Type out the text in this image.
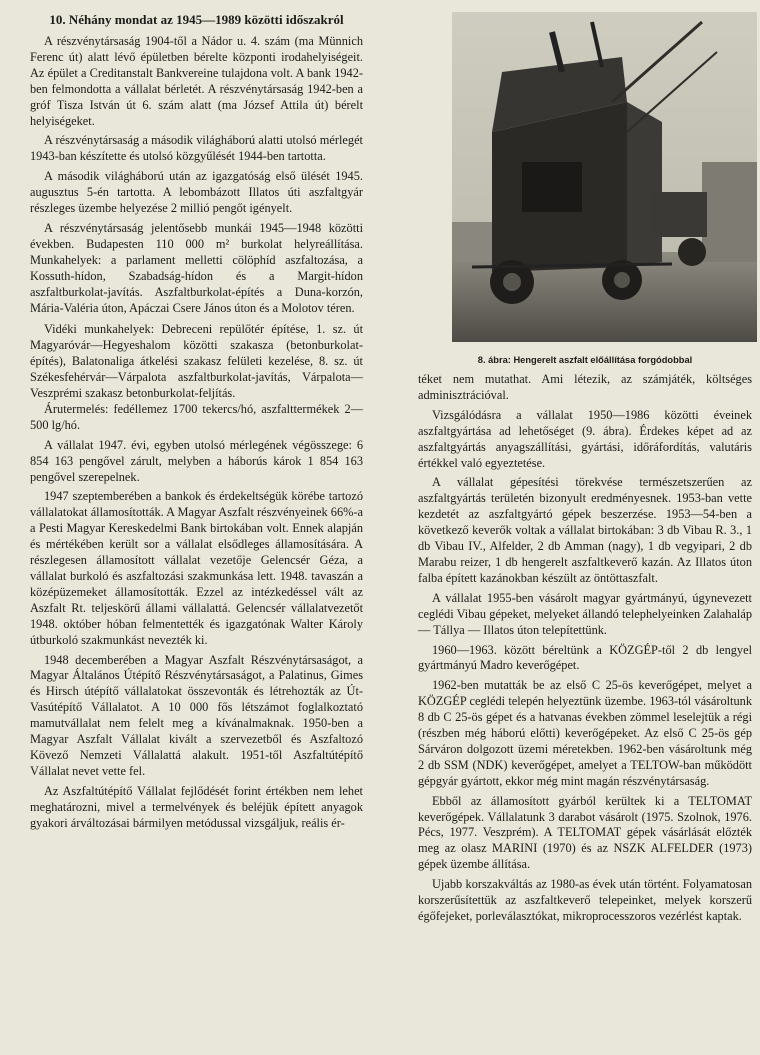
10. Néhány mondat az 1945—1989 közötti időszakról

A részvénytársaság 1904-től a Nádor u. 4. szám (ma Münnich Ferenc út) alatt lévő épületben bérelte központi irodahelyiségeit. Az épület a Creditanstalt Bankvereine tulajdona volt. A bank 1942-ben felmondotta a vállalat bérletét. A részvénytársaság 1942-ben a gróf Tisza István út 6. szám alatt (ma József Attila út) bérelt helyiségeket.

A részvénytársaság a második világháború alatti utolsó mérlegét 1943-ban készítette és utolsó közgyűlését 1944-ben tartotta.

A második világháború után az igazgatóság első ülését 1945. augusztus 5-én tartotta. A lebombázott Illatos úti aszfaltgyár részleges üzembe helyezése 2 millió pengőt igényelt.

A részvénytársaság jelentősebb munkái 1945—1948 közötti években. Budapesten 110 000 m² burkolat helyreállítása. Munkahelyek: a parlament melletti cölöphíd aszfaltozása, a Kossuth-hídon, Szabadság-hídon és a Margit-hídon aszfaltburkolat-javítás. Aszfaltburkolat-építés a Duna-korzón, Mária-Valéria úton, Apáczai Csere János úton és a Molotov téren.

Vidéki munkahelyek: Debreceni repülőtér építése, 1. sz. út Magyaróvár—Hegyeshalom közötti szakasza (betonburkolat-építés), Balatonaliga átkelési szakasz felületi kezelése, 8. sz. út Székesfehérvár—Várpalota aszfaltburkolat-javítás, Várpalota—Veszprémi szakasz betonburkolat-feljítás.

Árutermelés: fedéllemez 1700 tekercs/hó, aszfalttermékek 2—500 lg/hó.

A vállalat 1947. évi, egyben utolsó mérlegének végösszege: 6 854 163 pengővel zárult, melyben a háborús károk 1 854 163 pengővel szerepelnek.

1947 szeptemberében a bankok és érdekeltségük körébe tartozó vállalatokat államosították. A Magyar Aszfalt részvényeinek 66%-a a Pesti Magyar Kereskedelmi Bank birtokában volt. Ennek alapján és mértékében került sor a vállalat elsődleges államosítására. A részlegesen államosított vállalat vezetője Gelencsér Géza, a vállalat burkoló és aszfaltozási szakmunkása lett. 1948. tavaszán a középüzemeket államosították. Ezzel az intézkedéssel vált az Aszfalt Rt. teljeskörű állami vállalattá. Gelencsér vállalatvezetőt 1948. október hóban felmentették és igazgatónak Walter Károly útburkoló szakmunkást nevezték ki.

1948 decemberében a Magyar Aszfalt Részvénytársaságot, a Magyar Általános Útépítő Részvénytársaságot, a Palatinus, Gimes és Hirsch útépítő vállalatokat összevonták és létrehozták az Út- Vasútépítő Vállalatot. A 10 000 fős létszámot foglalkoztató mamutvállalat nem felelt meg a kívánalmaknak. 1950-ben a Magyar Aszfalt Vállalat kivált a szervezetből és Aszfaltozó Kövező Nemzeti Vállalattá alakult. 1951-től Aszfaltútépítő Vállalat nevet vette fel.

Az Aszfaltútépítő Vállalat fejlődését forint értékben nem lehet meghatározni, mivel a termelvények és beléjük épített anyagok gyakori árváltozásai bármilyen metódussal vizsgáljuk, reális ér-

8. ábra: Hengerelt aszfalt előállítása forgódobbal

téket nem mutathat. Ami létezik, az számjáték, költséges adminisztrációval.

Vizsgálódásra a vállalat 1950—1986 közötti éveinek aszfaltgyártása ad lehetőséget (9. ábra). Érdekes képet ad az aszfaltgyártás anyagszállítási, gyártási, időráfordítás, valutáris értékkel való egyeztetése.

A vállalat gépesítési törekvése természetszerűen az aszfaltgyártás területén bizonyult eredményesnek. 1953-ban vette kezdetét az aszfaltgyártó gépek beszerzése. 1953—54-ben a következő keverők voltak a vállalat birtokában: 3 db Vibau R. 3., 1 db Vibau IV., Alfelder, 2 db Amman (nagy), 1 db vegyipari, 2 db Marabu reizer, 1 db hengerelt aszfaltkeverő kazán. Az Illatos úton falba épített kazánokban készült az öntöttaszfalt.

A vállalat 1955-ben vásárolt magyar gyártmányú, úgynevezett ceglédi Vibau gépeket, melyeket állandó telephelyeinken Zalahaláp — Tállya — Illatos úton telepítettünk.

1960—1963. között béreltünk a KÖZGÉP-től 2 db lengyel gyártmányú Madro keverőgépet.

1962-ben mutatták be az első C 25-ös keverőgépet, melyet a KÖZGÉP ceglédi telepén helyeztünk üzembe. 1963-tól vásároltunk 8 db C 25-ös gépet és a hatvanas években zömmel leselejtük a régi (részben még háború előtti) keverőgépeket. Az első C 25-ös gép Sárváron dolgozott üzemi méretekben. 1962-ben vásároltunk még 2 db SSM (NDK) keverőgépet, amelyet a TELTOW-ban működött gépgyár gyártott, ekkor még mint magán részvénytársaság.

Ebből az államosított gyárból kerültek ki a TELTOMAT keverőgépek. Vállalatunk 3 darabot vásárolt (1975. Szolnok, 1976. Pécs, 1977. Veszprém). A TELTOMAT gépek vásárlását előzték meg az olasz MARINI (1970) és az NSZK ALFELDER (1973) gépek üzembe állítása.

Ujabb korszakváltás az 1980-as évek után történt. Folyamatosan korszerűsítettük az aszfaltkeverő telepeinket, melyek korszerű égőfejeket, porleválasztókat, mikroprocesszoros vezérlést kaptak.
